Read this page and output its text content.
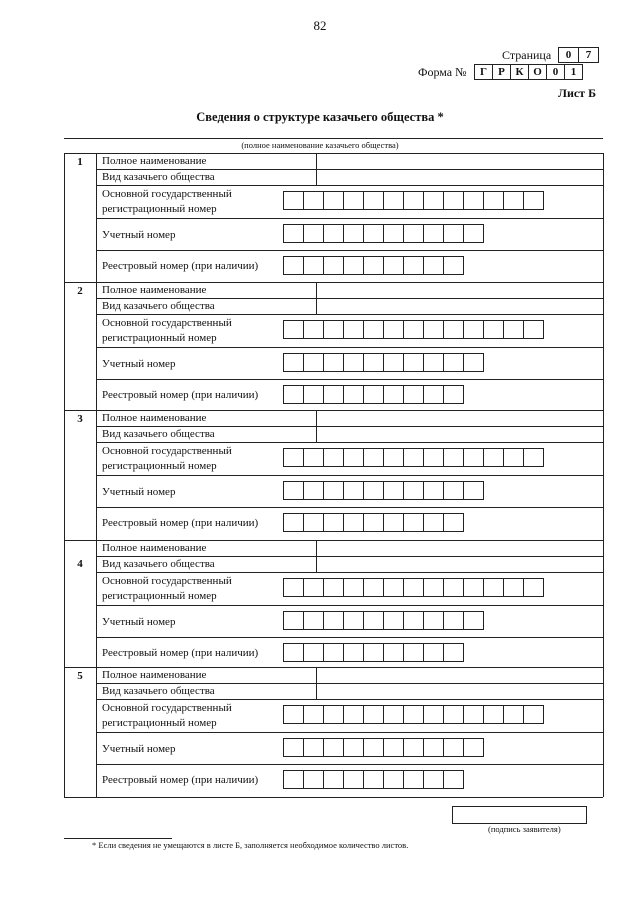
82
Страница	0	7
Форма №	Г	Р К О 0	1
Лист Б
Сведения о структуре казачьего общества *
(полное наименование казачьего общества)
1	Полное наименование
Вид казачьего общества
Основной государственный
регистрационный номер
Учетный номер
Реестровый номер (при наличии)
2	Полное наименование
Вид казачьего общества
Основной государственный
регистрационный номер
Учетный номер
Реестровый номер (при наличии)
3	Полное наименование
Вид казачьего общества
Основной государственный
регистрационный номер
Учетный номер
Реестровый номер (при наличии)
4
Полное наименование
Вид казачьего общества
Основной государственный
регистрационный номер
Учетный номер
Реестровый номер (при наличии)
5	Полное наименование
Вид казачьего общества
Основной государственный
регистрационный номер
Учетный номер
Реестровый номер (при наличии)
(подпись заявителя)
* Если сведения не умещаются в листе Б, заполняется необходимое количество листов.
